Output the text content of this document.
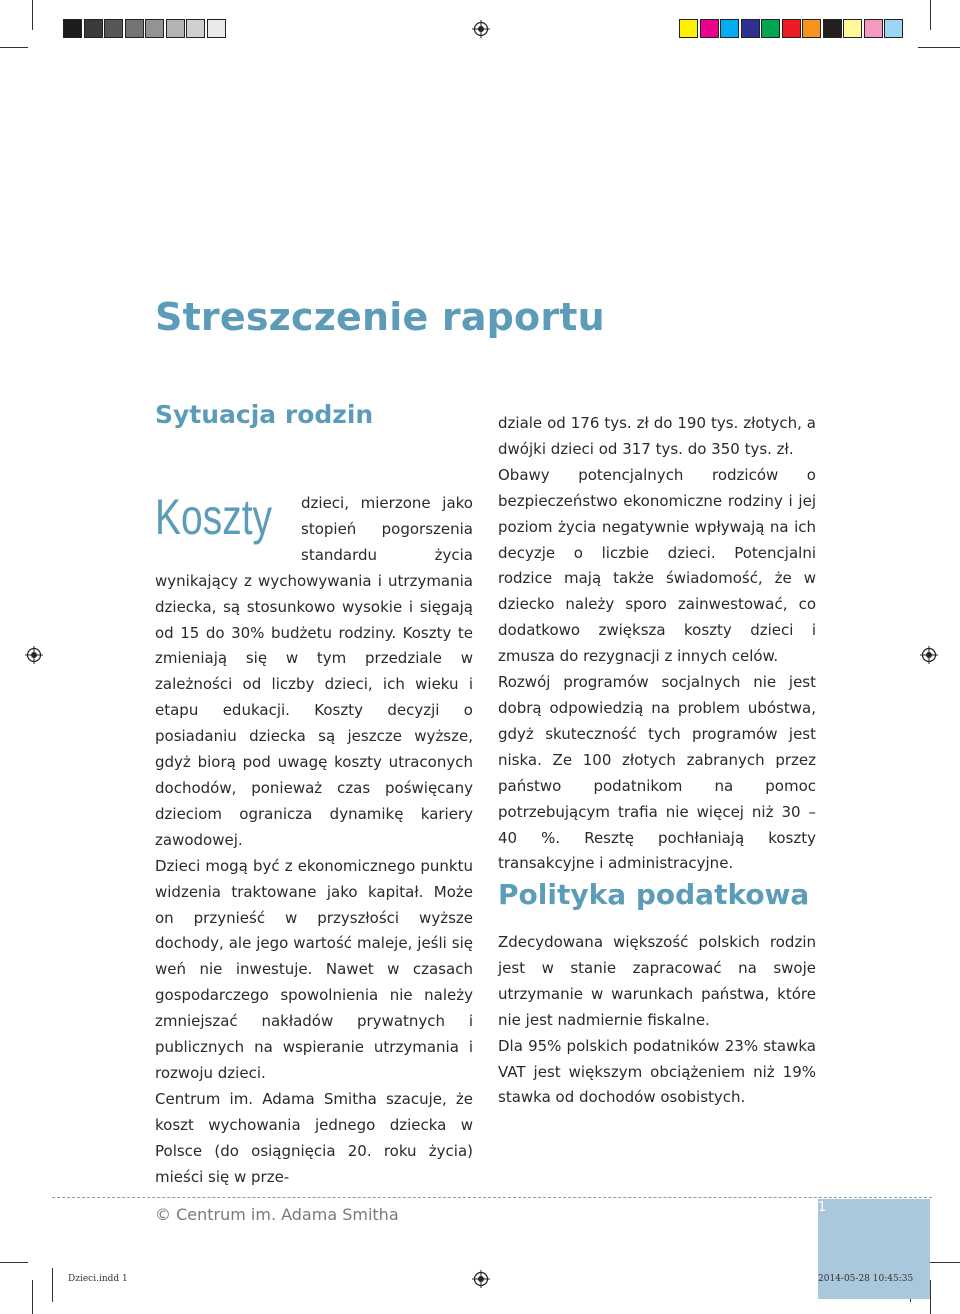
Streszczenie raportu
Sytuacja rodzin

Koszty dzieci, mierzone jako stopień pogorszenia standardu życia wynikający z wychowywania i utrzymania dziecka, są stosunkowo wysokie i sięgają od 15 do 30% budżetu rodziny. Koszty te zmieniają się w tym przedziale w zależności od liczby dzieci, ich wieku i etapu edukacji. Koszty decyzji o posiadaniu dziecka są jeszcze wyższe, gdyż biorą pod uwagę koszty utraconych dochodów, ponieważ czas poświęcany dzieciom ogranicza dynamikę kariery zawodowej.

Dzieci mogą być z ekonomicznego punktu widzenia traktowane jako kapitał. Może on przynieść w przyszłości wyższe dochody, ale jego wartość maleje, jeśli się weń nie inwestuje. Nawet w czasach gospodarczego spowolnienia nie należy zmniejszać nakładów prywatnych i publicznych na wspieranie utrzymania i rozwoju dzieci.

Centrum im. Adama Smitha szacuje, że koszt wychowania jednego dziecka w Polsce (do osiągnięcia 20. roku życia) mieści się w prze-

dziale od 176 tys. zł do 190 tys. złotych, a dwójki dzieci od 317 tys. do 350 tys. zł.

Obawy potencjalnych rodziców o bezpieczeństwo ekonomiczne rodziny i jej poziom życia negatywnie wpływają na ich decyzje o liczbie dzieci. Potencjalni rodzice mają także świadomość, że w dziecko należy sporo zainwestować, co dodatkowo zwiększa koszty dzieci i zmusza do rezygnacji z innych celów.

Rozwój programów socjalnych nie jest dobrą odpowiedzią na problem ubóstwa, gdyż skuteczność tych programów jest niska. Ze 100 złotych zabranych przez państwo podatnikom na pomoc potrzebującym trafia nie więcej niż 30 – 40 %. Resztę pochłaniają koszty transakcyjne i administracyjne.

Polityka podatkowa

Zdecydowana większość polskich rodzin jest w stanie zapracować na swoje utrzymanie w warunkach państwa, które nie jest nadmiernie fiskalne.

Dla 95% polskich podatników 23% stawka VAT jest większym obciążeniem niż 19% stawka od dochodów osobistych.

© Centrum im. Adama Smitha	1
Dzieci.indd 1	2014-05-28 10:45:35
